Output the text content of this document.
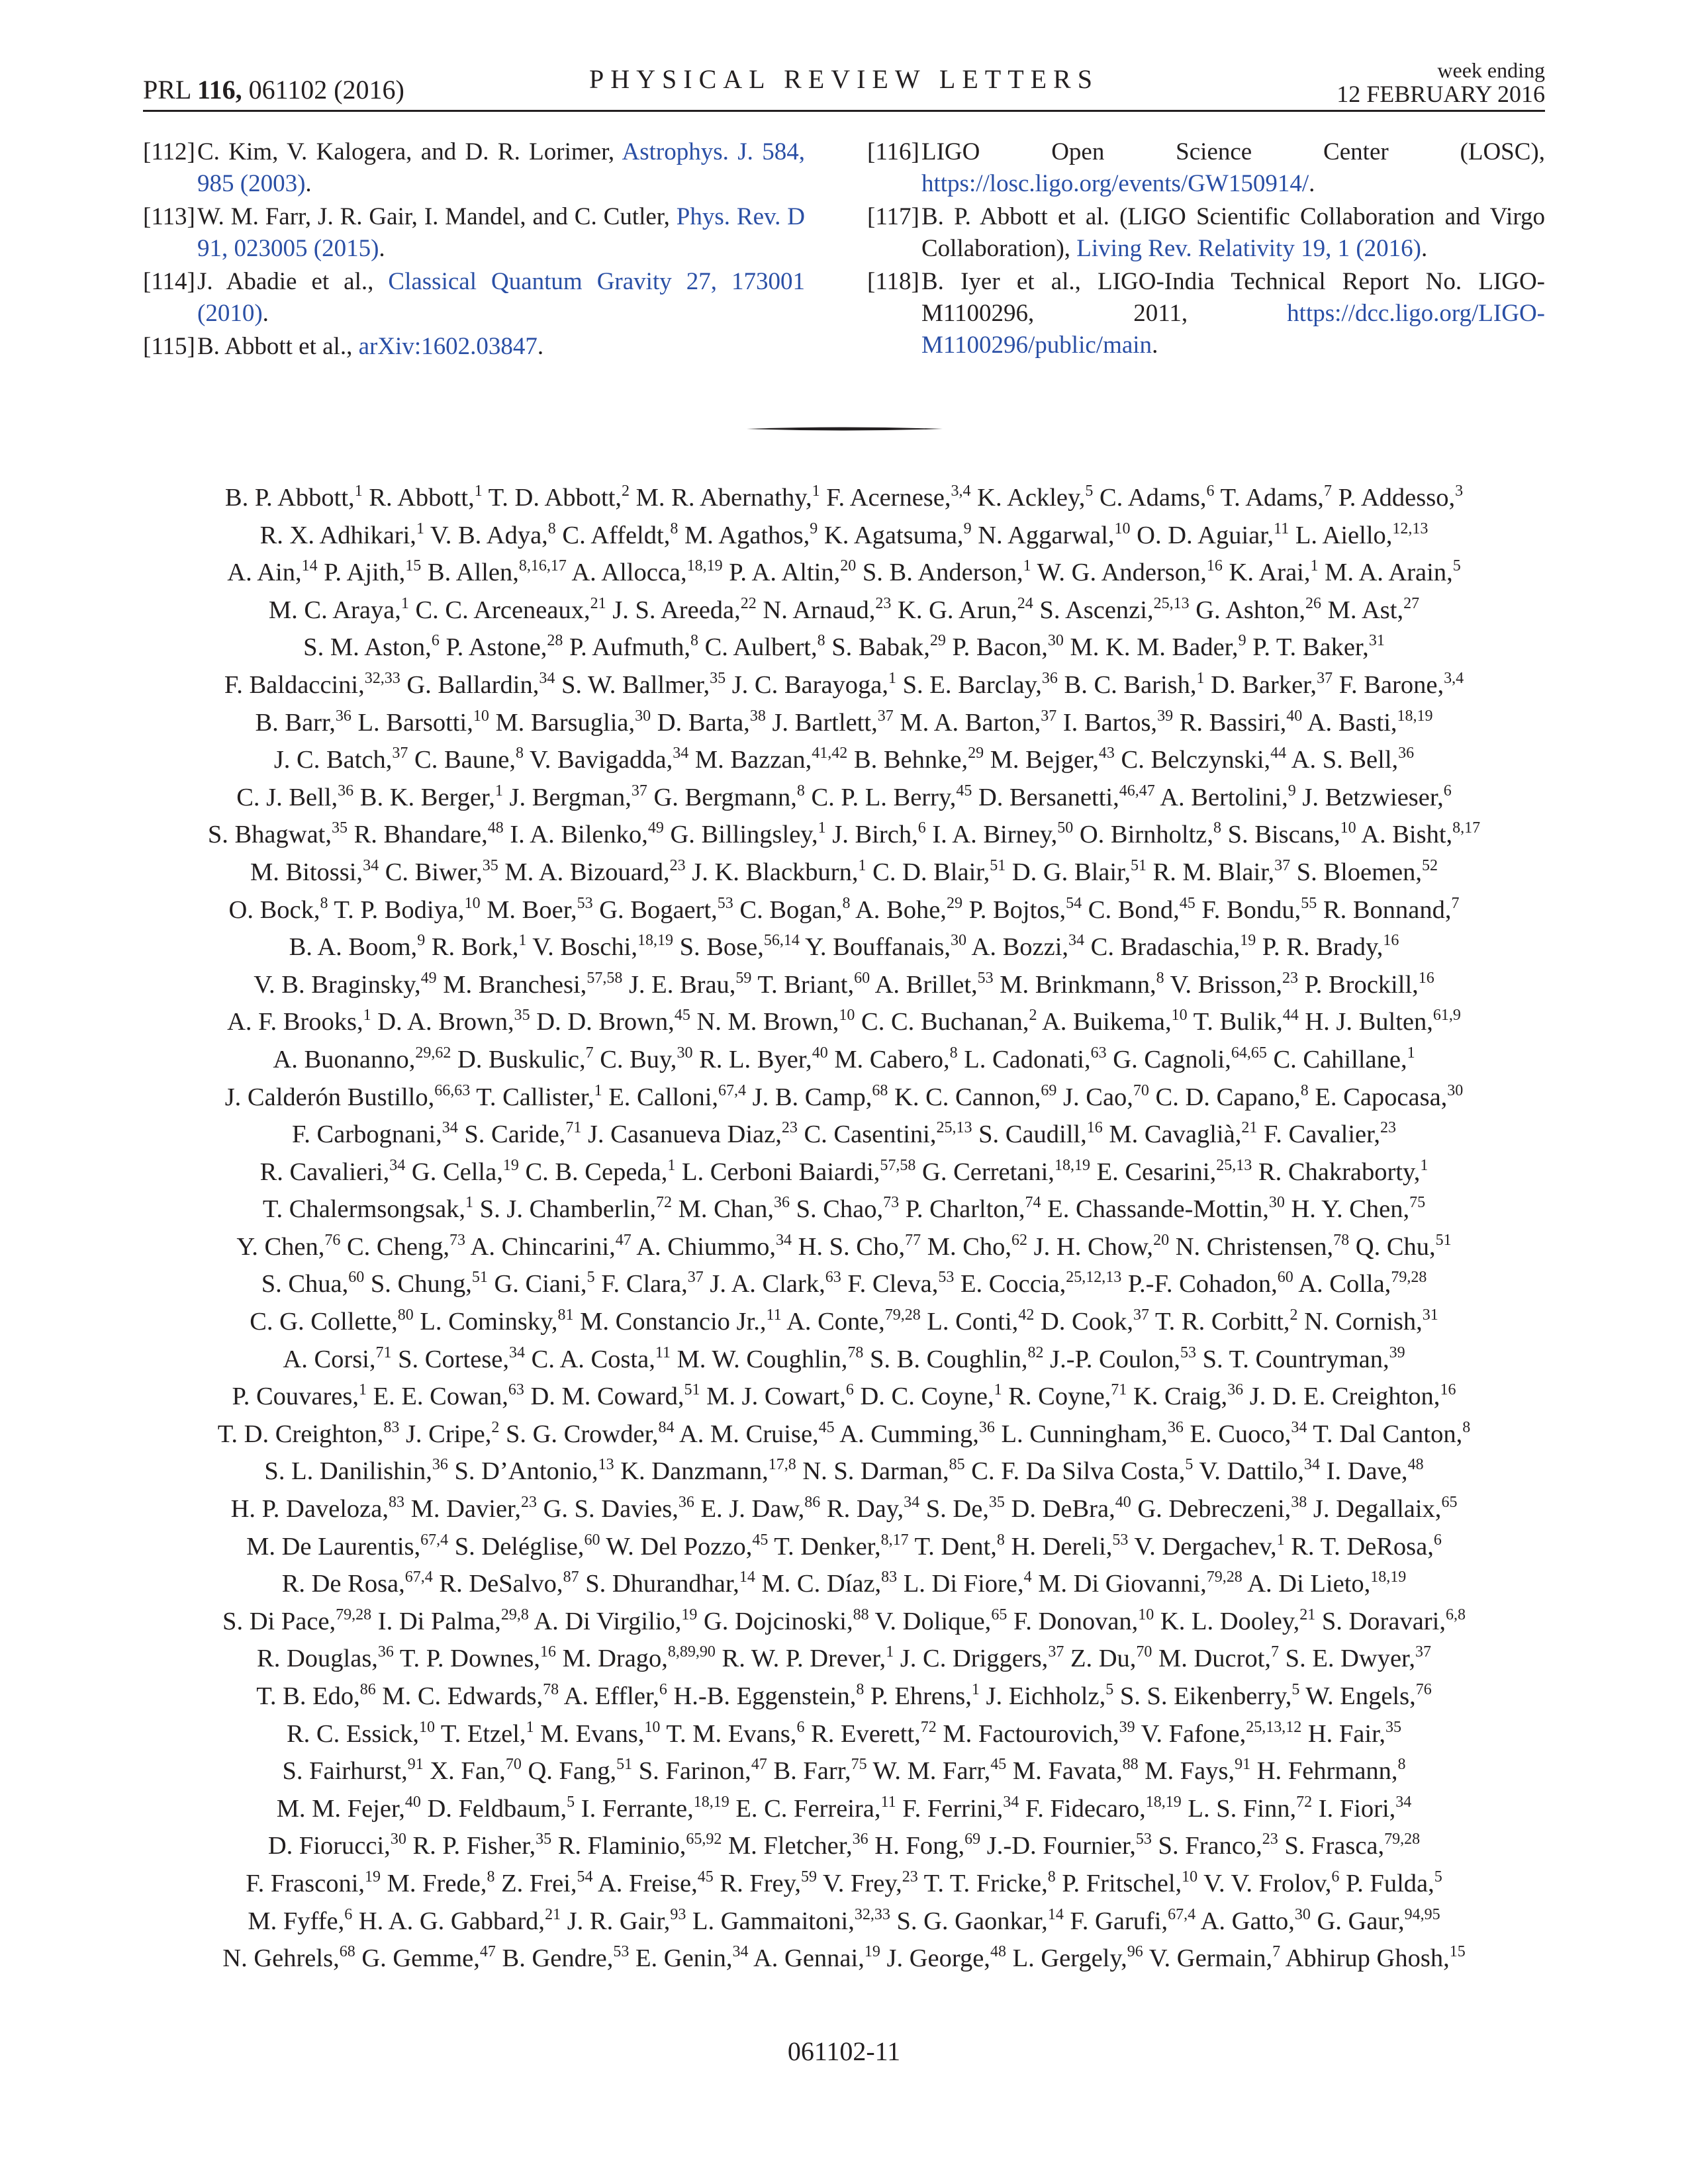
PRL 116, 061102 (2016)	PHYSICAL REVIEW LETTERS	week ending
12 FEBRUARY 2016
[112] C. Kim, V. Kalogera, and D. R. Lorimer, Astrophys. J. 584, 985 (2003).
[113] W. M. Farr, J. R. Gair, I. Mandel, and C. Cutler, Phys. Rev. D 91, 023005 (2015).
[114] J. Abadie et al., Classical Quantum Gravity 27, 173001 (2010).
[115] B. Abbott et al., arXiv:1602.03847.
[116] LIGO Open Science Center (LOSC), https://losc.ligo.org/events/GW150914/.
[117] B. P. Abbott et al. (LIGO Scientific Collaboration and Virgo Collaboration), Living Rev. Relativity 19, 1 (2016).
[118] B. Iyer et al., LIGO-India Technical Report No. LIGO-M1100296, 2011, https://dcc.ligo.org/LIGO-M1100296/public/main.
B. P. Abbott,$^1$ R. Abbott,$^1$ T. D. Abbott,$^2$ M. R. Abernathy,$^1$ F. Acernese,$^{3,4}$ K. Ackley,$^5$ C. Adams,$^6$ T. Adams,$^7$ P. Addesso,$^3$
R. X. Adhikari,$^1$ V. B. Adya,$^8$ C. Affeldt,$^8$ M. Agathos,$^9$ K. Agatsuma,$^9$ N. Aggarwal,$^{10}$ O. D. Aguiar,$^{11}$ L. Aiello,$^{12,13}$
A. Ain,$^{14}$ P. Ajith,$^{15}$ B. Allen,$^{8,16,17}$ A. Allocca,$^{18,19}$ P. A. Altin,$^{20}$ S. B. Anderson,$^1$ W. G. Anderson,$^{16}$ K. Arai,$^1$ M. A. Arain,$^5$
M. C. Araya,$^1$ C. C. Arceneaux,$^{21}$ J. S. Areeda,$^{22}$ N. Arnaud,$^{23}$ K. G. Arun,$^{24}$ S. Ascenzi,$^{25,13}$ G. Ashton,$^{26}$ M. Ast,$^{27}$
S. M. Aston,$^6$ P. Astone,$^{28}$ P. Aufmuth,$^8$ C. Aulbert,$^8$ S. Babak,$^{29}$ P. Bacon,$^{30}$ M. K. M. Bader,$^9$ P. T. Baker,$^{31}$
F. Baldaccini,$^{32,33}$ G. Ballardin,$^{34}$ S. W. Ballmer,$^{35}$ J. C. Barayoga,$^1$ S. E. Barclay,$^{36}$ B. C. Barish,$^1$ D. Barker,$^{37}$ F. Barone,$^{3,4}$
B. Barr,$^{36}$ L. Barsotti,$^{10}$ M. Barsuglia,$^{30}$ D. Barta,$^{38}$ J. Bartlett,$^{37}$ M. A. Barton,$^{37}$ I. Bartos,$^{39}$ R. Bassiri,$^{40}$ A. Basti,$^{18,19}$
J. C. Batch,$^{37}$ C. Baune,$^8$ V. Bavigadda,$^{34}$ M. Bazzan,$^{41,42}$ B. Behnke,$^{29}$ M. Bejger,$^{43}$ C. Belczynski,$^{44}$ A. S. Bell,$^{36}$
C. J. Bell,$^{36}$ B. K. Berger,$^1$ J. Bergman,$^{37}$ G. Bergmann,$^8$ C. P. L. Berry,$^{45}$ D. Bersanetti,$^{46,47}$ A. Bertolini,$^9$ J. Betzwieser,$^6$
S. Bhagwat,$^{35}$ R. Bhandare,$^{48}$ I. A. Bilenko,$^{49}$ G. Billingsley,$^1$ J. Birch,$^6$ I. A. Birney,$^{50}$ O. Birnholtz,$^8$ S. Biscans,$^{10}$ A. Bisht,$^{8,17}$
M. Bitossi,$^{34}$ C. Biwer,$^{35}$ M. A. Bizouard,$^{23}$ J. K. Blackburn,$^1$ C. D. Blair,$^{51}$ D. G. Blair,$^{51}$ R. M. Blair,$^{37}$ S. Bloemen,$^{52}$
O. Bock,$^8$ T. P. Bodiya,$^{10}$ M. Boer,$^{53}$ G. Bogaert,$^{53}$ C. Bogan,$^8$ A. Bohe,$^{29}$ P. Bojtos,$^{54}$ C. Bond,$^{45}$ F. Bondu,$^{55}$ R. Bonnand,$^7$
B. A. Boom,$^9$ R. Bork,$^1$ V. Boschi,$^{18,19}$ S. Bose,$^{56,14}$ Y. Bouffanais,$^{30}$ A. Bozzi,$^{34}$ C. Bradaschia,$^{19}$ P. R. Brady,$^{16}$
V. B. Braginsky,$^{49}$ M. Branchesi,$^{57,58}$ J. E. Brau,$^{59}$ T. Briant,$^{60}$ A. Brillet,$^{53}$ M. Brinkmann,$^8$ V. Brisson,$^{23}$ P. Brockill,$^{16}$
A. F. Brooks,$^1$ D. A. Brown,$^{35}$ D. D. Brown,$^{45}$ N. M. Brown,$^{10}$ C. C. Buchanan,$^2$ A. Buikema,$^{10}$ T. Bulik,$^{44}$ H. J. Bulten,$^{61,9}$
A. Buonanno,$^{29,62}$ D. Buskulic,$^7$ C. Buy,$^{30}$ R. L. Byer,$^{40}$ M. Cabero,$^8$ L. Cadonati,$^{63}$ G. Cagnoli,$^{64,65}$ C. Cahillane,$^1$
J. Calderón Bustillo,$^{66,63}$ T. Callister,$^1$ E. Calloni,$^{67,4}$ J. B. Camp,$^{68}$ K. C. Cannon,$^{69}$ J. Cao,$^{70}$ C. D. Capano,$^8$ E. Capocasa,$^{30}$
F. Carbognani,$^{34}$ S. Caride,$^{71}$ J. Casanueva Diaz,$^{23}$ C. Casentini,$^{25,13}$ S. Caudill,$^{16}$ M. Cavaglià,$^{21}$ F. Cavalier,$^{23}$
R. Cavalieri,$^{34}$ G. Cella,$^{19}$ C. B. Cepeda,$^1$ L. Cerboni Baiardi,$^{57,58}$ G. Cerretani,$^{18,19}$ E. Cesarini,$^{25,13}$ R. Chakraborty,$^1$
T. Chalermsongsak,$^1$ S. J. Chamberlin,$^{72}$ M. Chan,$^{36}$ S. Chao,$^{73}$ P. Charlton,$^{74}$ E. Chassande-Mottin,$^{30}$ H. Y. Chen,$^{75}$
Y. Chen,$^{76}$ C. Cheng,$^{73}$ A. Chincarini,$^{47}$ A. Chiummo,$^{34}$ H. S. Cho,$^{77}$ M. Cho,$^{62}$ J. H. Chow,$^{20}$ N. Christensen,$^{78}$ Q. Chu,$^{51}$
S. Chua,$^{60}$ S. Chung,$^{51}$ G. Ciani,$^5$ F. Clara,$^{37}$ J. A. Clark,$^{63}$ F. Cleva,$^{53}$ E. Coccia,$^{25,12,13}$ P.-F. Cohadon,$^{60}$ A. Colla,$^{79,28}$
C. G. Collette,$^{80}$ L. Cominsky,$^{81}$ M. Constancio Jr.,$^{11}$ A. Conte,$^{79,28}$ L. Conti,$^{42}$ D. Cook,$^{37}$ T. R. Corbitt,$^2$ N. Cornish,$^{31}$
A. Corsi,$^{71}$ S. Cortese,$^{34}$ C. A. Costa,$^{11}$ M. W. Coughlin,$^{78}$ S. B. Coughlin,$^{82}$ J.-P. Coulon,$^{53}$ S. T. Countryman,$^{39}$
P. Couvares,$^1$ E. E. Cowan,$^{63}$ D. M. Coward,$^{51}$ M. J. Cowart,$^6$ D. C. Coyne,$^1$ R. Coyne,$^{71}$ K. Craig,$^{36}$ J. D. E. Creighton,$^{16}$
T. D. Creighton,$^{83}$ J. Cripe,$^2$ S. G. Crowder,$^{84}$ A. M. Cruise,$^{45}$ A. Cumming,$^{36}$ L. Cunningham,$^{36}$ E. Cuoco,$^{34}$ T. Dal Canton,$^8$
S. L. Danilishin,$^{36}$ S. D’Antonio,$^{13}$ K. Danzmann,$^{17,8}$ N. S. Darman,$^{85}$ C. F. Da Silva Costa,$^5$ V. Dattilo,$^{34}$ I. Dave,$^{48}$
H. P. Daveloza,$^{83}$ M. Davier,$^{23}$ G. S. Davies,$^{36}$ E. J. Daw,$^{86}$ R. Day,$^{34}$ S. De,$^{35}$ D. DeBra,$^{40}$ G. Debreczeni,$^{38}$ J. Degallaix,$^{65}$
M. De Laurentis,$^{67,4}$ S. Deléglise,$^{60}$ W. Del Pozzo,$^{45}$ T. Denker,$^{8,17}$ T. Dent,$^8$ H. Dereli,$^{53}$ V. Dergachev,$^1$ R. T. DeRosa,$^6$
R. De Rosa,$^{67,4}$ R. DeSalvo,$^{87}$ S. Dhurandhar,$^{14}$ M. C. Díaz,$^{83}$ L. Di Fiore,$^4$ M. Di Giovanni,$^{79,28}$ A. Di Lieto,$^{18,19}$
S. Di Pace,$^{79,28}$ I. Di Palma,$^{29,8}$ A. Di Virgilio,$^{19}$ G. Dojcinoski,$^{88}$ V. Dolique,$^{65}$ F. Donovan,$^{10}$ K. L. Dooley,$^{21}$ S. Doravari,$^{6,8}$
R. Douglas,$^{36}$ T. P. Downes,$^{16}$ M. Drago,$^{8,89,90}$ R. W. P. Drever,$^1$ J. C. Driggers,$^{37}$ Z. Du,$^{70}$ M. Ducrot,$^7$ S. E. Dwyer,$^{37}$
T. B. Edo,$^{86}$ M. C. Edwards,$^{78}$ A. Effler,$^6$ H.-B. Eggenstein,$^8$ P. Ehrens,$^1$ J. Eichholz,$^5$ S. S. Eikenberry,$^5$ W. Engels,$^{76}$
R. C. Essick,$^{10}$ T. Etzel,$^1$ M. Evans,$^{10}$ T. M. Evans,$^6$ R. Everett,$^{72}$ M. Factourovich,$^{39}$ V. Fafone,$^{25,13,12}$ H. Fair,$^{35}$
S. Fairhurst,$^{91}$ X. Fan,$^{70}$ Q. Fang,$^{51}$ S. Farinon,$^{47}$ B. Farr,$^{75}$ W. M. Farr,$^{45}$ M. Favata,$^{88}$ M. Fays,$^{91}$ H. Fehrmann,$^8$
M. M. Fejer,$^{40}$ D. Feldbaum,$^5$ I. Ferrante,$^{18,19}$ E. C. Ferreira,$^{11}$ F. Ferrini,$^{34}$ F. Fidecaro,$^{18,19}$ L. S. Finn,$^{72}$ I. Fiori,$^{34}$
D. Fiorucci,$^{30}$ R. P. Fisher,$^{35}$ R. Flaminio,$^{65,92}$ M. Fletcher,$^{36}$ H. Fong,$^{69}$ J.-D. Fournier,$^{53}$ S. Franco,$^{23}$ S. Frasca,$^{79,28}$
F. Frasconi,$^{19}$ M. Frede,$^8$ Z. Frei,$^{54}$ A. Freise,$^{45}$ R. Frey,$^{59}$ V. Frey,$^{23}$ T. T. Fricke,$^8$ P. Fritschel,$^{10}$ V. V. Frolov,$^6$ P. Fulda,$^5$
M. Fyffe,$^6$ H. A. G. Gabbard,$^{21}$ J. R. Gair,$^{93}$ L. Gammaitoni,$^{32,33}$ S. G. Gaonkar,$^{14}$ F. Garufi,$^{67,4}$ A. Gatto,$^{30}$ G. Gaur,$^{94,95}$
N. Gehrels,$^{68}$ G. Gemme,$^{47}$ B. Gendre,$^{53}$ E. Genin,$^{34}$ A. Gennai,$^{19}$ J. George,$^{48}$ L. Gergely,$^{96}$ V. Germain,$^7$ Abhirup Ghosh,$^{15}$
061102-11
